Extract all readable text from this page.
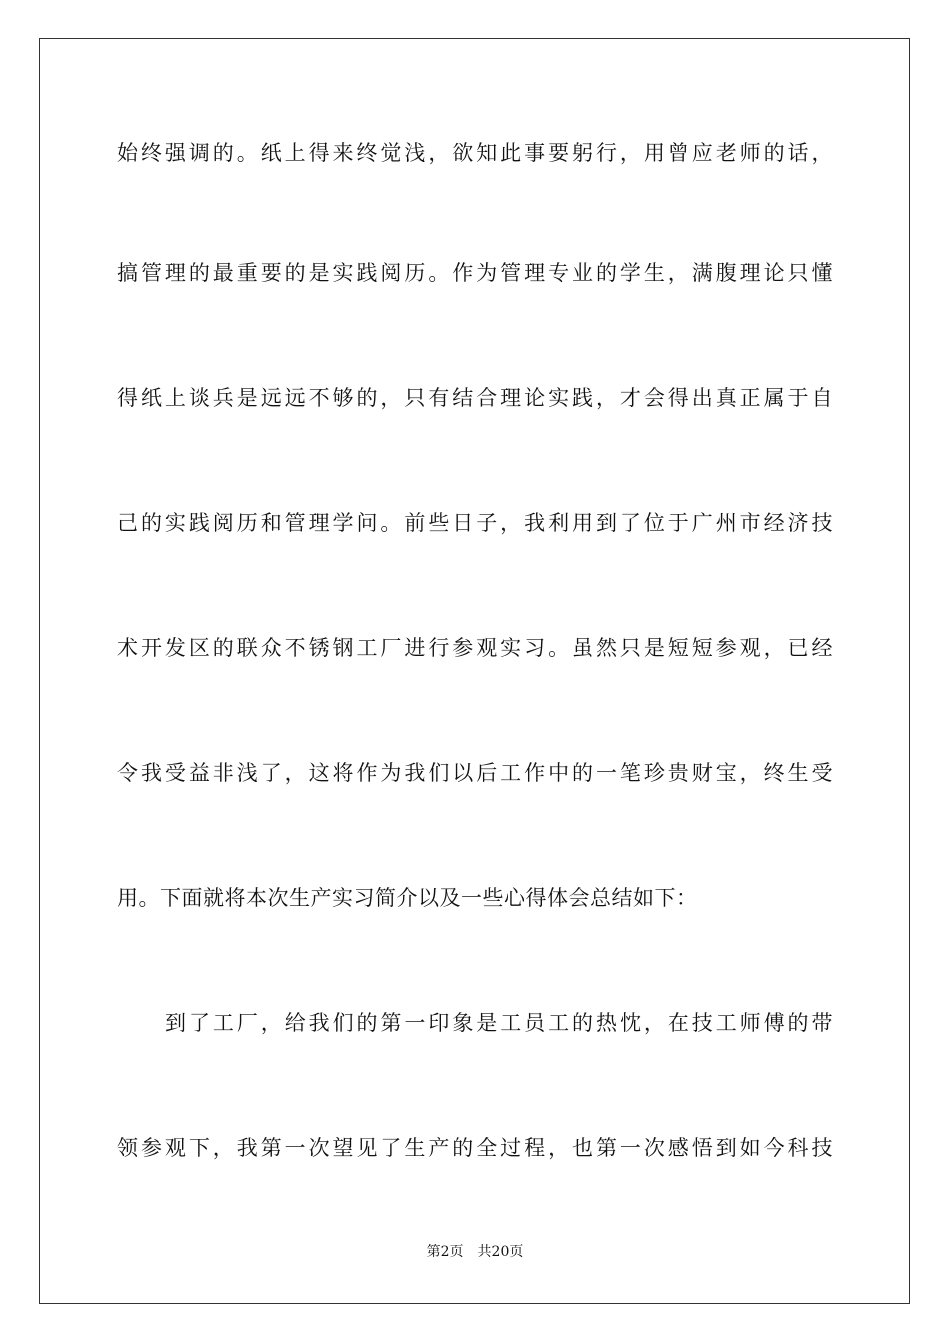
始终强调的。纸上得来终觉浅，欲知此事要躬行，用曾应老师的话，
搞管理的最重要的是实践阅历。作为管理专业的学生，满腹理论只懂
得纸上谈兵是远远不够的，只有结合理论实践，才会得出真正属于自
己的实践阅历和管理学问。前些日子，我利用到了位于广州市经济技
术开发区的联众不锈钢工厂进行参观实习。虽然只是短短参观，已经
令我受益非浅了，这将作为我们以后工作中的一笔珍贵财宝，终生受
用。下面就将本次生产实习简介以及一些心得体会总结如下：
到了工厂，给我们的第一印象是工员工的热忱，在技工师傅的带
领参观下，我第一次望见了生产的全过程，也第一次感悟到如今科技
第2页 共20页
